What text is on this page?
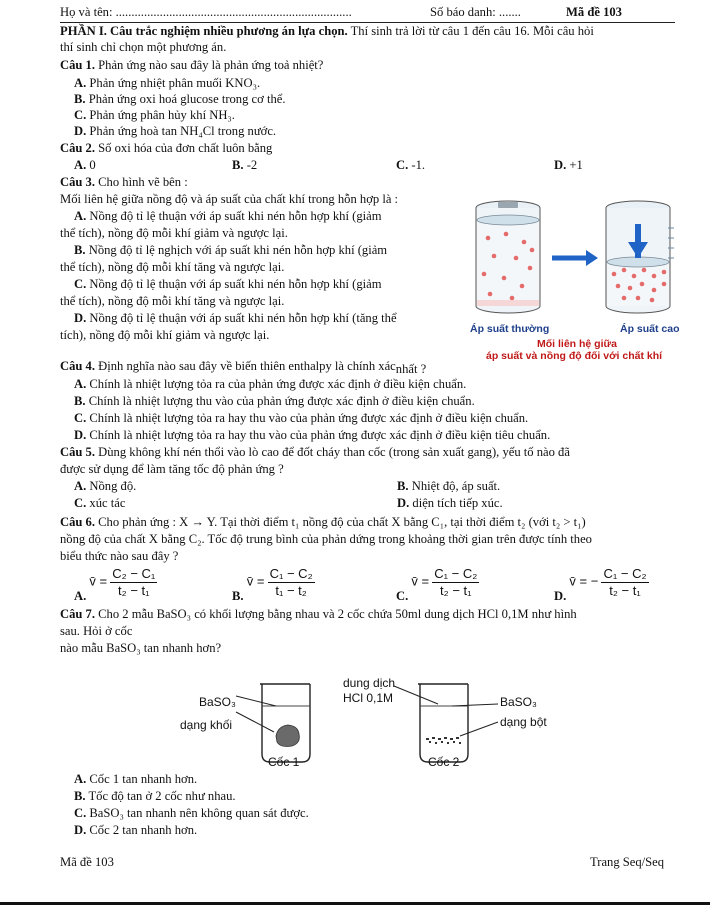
Họ và tên: ...........................................................................	Số báo danh: .......	Mã đề 103
PHẦN I. Câu trắc nghiệm nhiều phương án lựa chọn. Thí sinh trả lời từ câu 1 đến câu 16. Mỗi câu hỏi
thí sinh chỉ chọn một phương án.
Câu 1. Phản ứng nào sau đây là phản ứng toả nhiệt?
A. Phản ứng nhiệt phân muối KNO₃.
B. Phản ứng oxi hoá glucose trong cơ thể.
C. Phản ứng phân hủy khí NH₃.
D. Phản ứng hoà tan NH₄Cl trong nước.
Câu 2. Số oxi hóa của đơn chất luôn bằng
A. 0	B. -2	C. -1.	D. +1
Câu 3. Cho hình vẽ bên :
Mối liên hệ giữa nồng độ và áp suất của chất khí trong hỗn hợp là :
A. Nồng độ tỉ lệ thuận với áp suất khi nén hỗn hợp khí (giảm
thể tích), nồng độ mỗi khí giảm và ngược lại.
B. Nồng độ tỉ lệ nghịch với áp suất khi nén hỗn hợp khí (giảm
thể tích), nồng độ mỗi khí tăng và ngược lại.
C. Nồng độ tỉ lệ thuận với áp suất khi nén hỗn hợp khí (giảm
thể tích), nồng độ mỗi khí tăng và ngược lại.
D. Nồng độ tỉ lệ thuận với áp suất khi nén hỗn hợp khí (tăng thể
tích), nồng độ mỗi khí giảm và ngược lại.	Áp suất thường	Áp suất cao
Mối liên hệ giữa
áp suất và nồng độ đối với chất khí
Câu 4. Định nghĩa nào sau đây về biến thiên enthalpy là chính xácnhất ?
A. Chính là nhiệt lượng tỏa ra của phản ứng được xác định ở điều kiện chuẩn.
B. Chính là nhiệt lượng thu vào của phản ứng được xác định ở điều kiện chuẩn.
C. Chính là nhiệt lượng tỏa ra hay thu vào của phản ứng được xác định ở điều kiện chuẩn.
D. Chính là nhiệt lượng tỏa ra hay thu vào của phản ứng được xác định ở điều kiện tiêu chuẩn.
Câu 5. Dùng không khí nén thổi vào lò cao để đốt cháy than cốc (trong sản xuất gang), yếu tố nào đã
được sử dụng để làm tăng tốc độ phản ứng ?
A. Nồng độ.	B. Nhiệt độ, áp suất.
C. xúc tác	D. diện tích tiếp xúc.
Câu 6. Cho phản ứng : X → Y. Tại thời điểm t₁ nồng độ của chất X bằng C₁, tại thời điểm t₂ (với t₂ > t₁)
nồng độ của chất X bằng C₂. Tốc độ trung bình của phản dứng trong khoảng thời gian trên được tính theo
biểu thức nào sau đây ?
A. v̄ = $\frac{\text{C₂ − C₁}}{\text{t₂ − t₁}}$	B. v̄ = $\frac{\text{C₁ − C₂}}{\text{t₁ − t₂}}$	C. v̄ = $\frac{\text{C₁ − C₂}}{\text{t₂ − t₁}}$	D. v̄ = − $\frac{\text{C₁ − C₂}}{\text{t₂ − t₁}}$
Câu 7. Cho 2 mẫu BaSO₃ có khối lượng bằng nhau và 2 cốc chứa 50ml dung dịch HCl 0,1M như hình
sau. Hỏi ở cốc
nào mẫu BaSO₃ tan nhanh hơn?
dung dịch
HCl 0,1M
BaSO₃
dạng khối
BaSO₃
dạng bột
Cốc 1	Cốc 2
A. Cốc 1 tan nhanh hơn.
B. Tốc độ tan ở 2 cốc như nhau.
C. BaSO₃ tan nhanh nên không quan sát được.
D. Cốc 2 tan nhanh hơn.
Mã đề 103	Trang Seq/Seq
